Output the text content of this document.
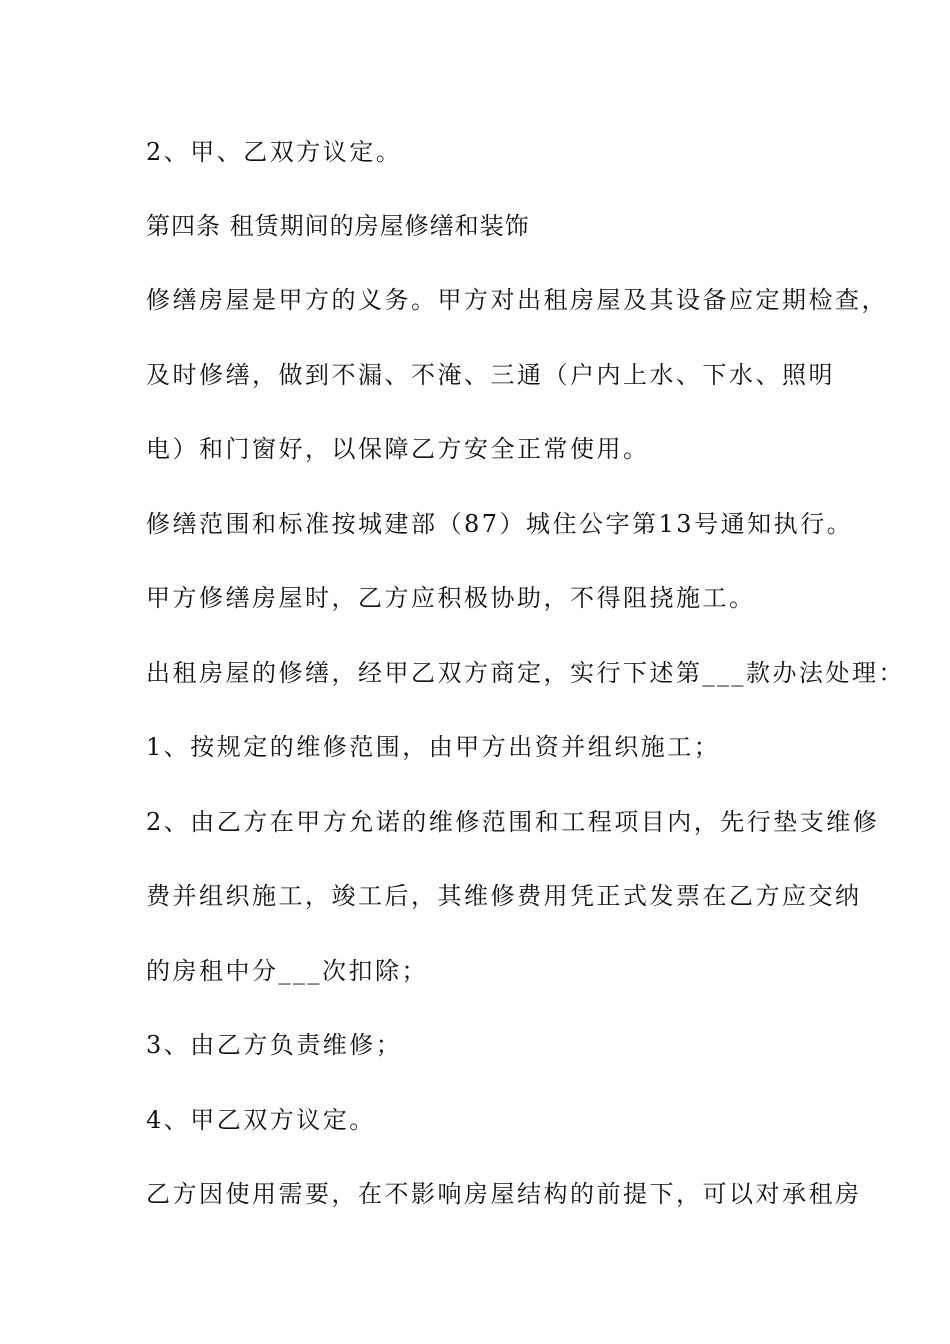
2、甲、乙双方议定。

第四条 租赁期间的房屋修缮和装饰

修缮房屋是甲方的义务。甲方对出租房屋及其设备应定期检查，

及时修缮，做到不漏、不淹、三通（户内上水、下水、照明

电）和门窗好，以保障乙方安全正常使用。

修缮范围和标准按城建部（87）城住公字第13号通知执行。

甲方修缮房屋时，乙方应积极协助，不得阻挠施工。

出租房屋的修缮，经甲乙双方商定，实行下述第___款办法处理：

1、按规定的维修范围，由甲方出资并组织施工；

2、由乙方在甲方允诺的维修范围和工程项目内，先行垫支维修

费并组织施工，竣工后，其维修费用凭正式发票在乙方应交纳

的房租中分___次扣除；

3、由乙方负责维修；

4、甲乙双方议定。

乙方因使用需要，在不影响房屋结构的前提下，可以对承租房
